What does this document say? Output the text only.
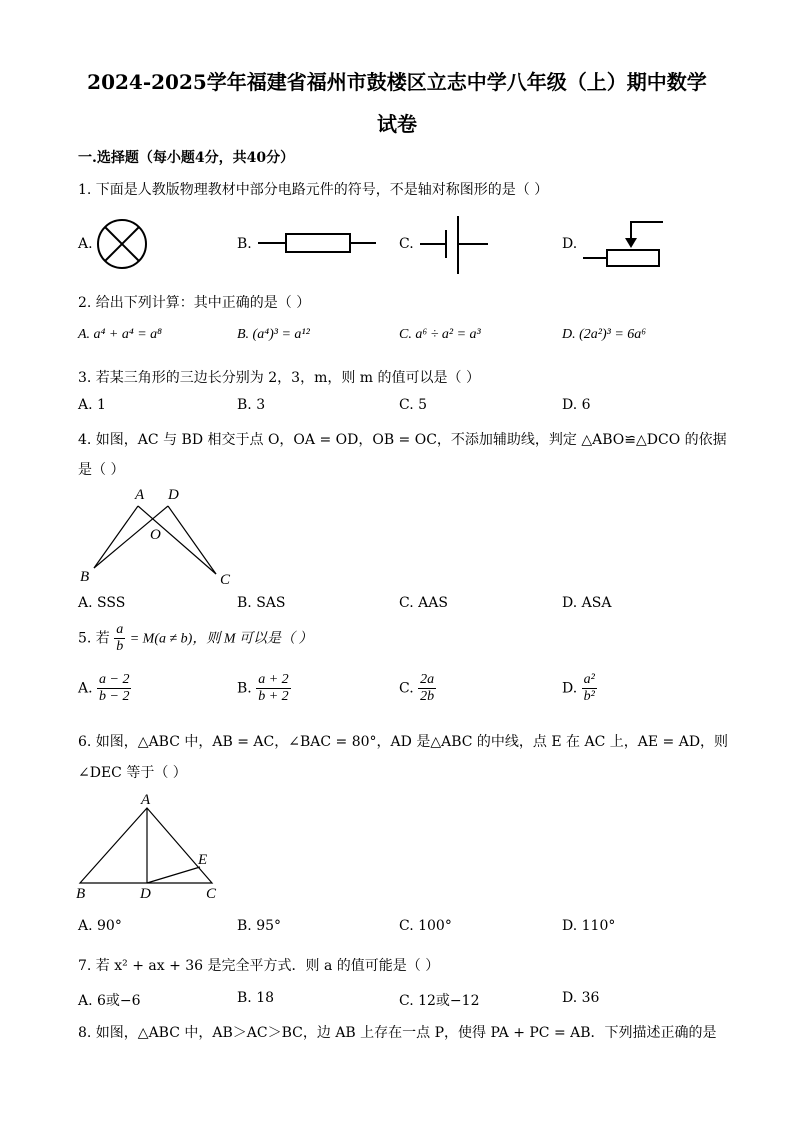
2024-2025学年福建省福州市鼓楼区立志中学八年级（上）期中数学
试卷
一.选择题（每小题4分，共40分）
1. 下面是人教版物理教材中部分电路元件的符号，不是轴对称图形的是（ ）
A.	B.	C.	D.
2. 给出下列计算：其中正确的是（ ）
A. a⁴ + a⁴ = a⁸	B. (a⁴)³ = a¹²	C. a⁶ ÷ a² = a³	D. (2a²)³ = 6a⁶
3. 若某三角形的三边长分别为 2，3，m，则 m 的值可以是（ ）
A. 1	B. 3	C. 5	D. 6
4. 如图，AC 与 BD 相交于点 O，OA = OD，OB = OC，不添加辅助线，判定 △ABO≌△DCO 的依据
是（ ）
A D
O
B	C
A. SSS	B. SAS	C. AAS	D. ASA
5. 若 $\frac{a}{b} = M(a \ne b)$，则 M 可以是（ ）
A. $\frac{a - 2}{b - 2}$	B. $\frac{a + 2}{b + 2}$	C. $\frac{2a}{2b}$	D. $\frac{\text{a²}}{\text{b²}}$
6. 如图，△ABC 中，AB = AC，∠BAC = 80°，AD 是△ABC 的中线，点 E 在 AC 上，AE = AD，则
∠DEC 等于（ ）
A
E
B	D	C
A. 90°	B. 95°	C. 100°	D. 110°
7. 若 x² + ax + 36 是完全平方式．则 a 的值可能是（ ）
A. 6或−6	B. 18	C. 12或−12	D. 36
8. 如图，△ABC 中，AB＞AC＞BC，边 AB 上存在一点 P，使得 PA + PC = AB．下列描述正确的是
